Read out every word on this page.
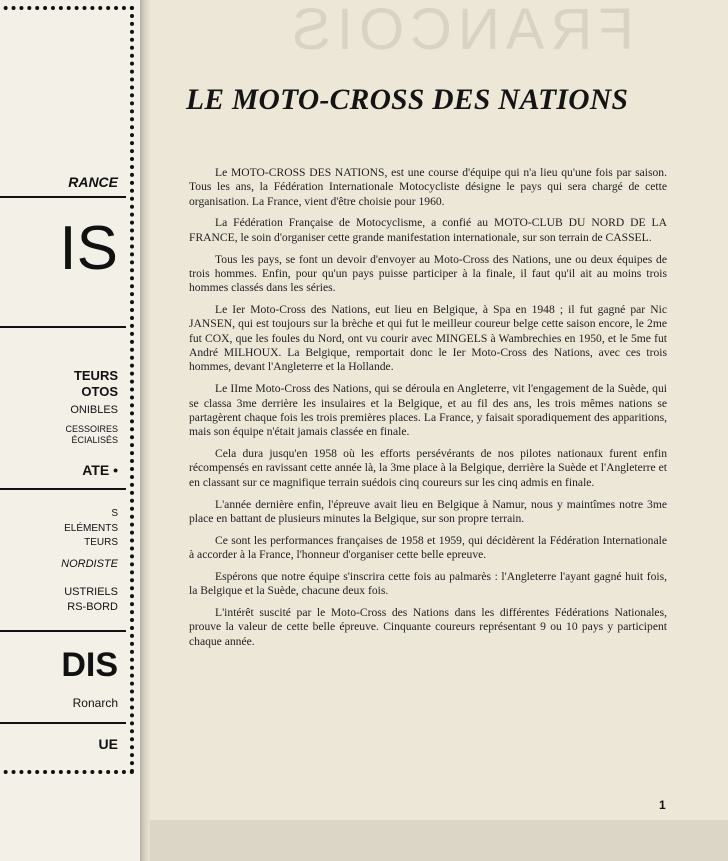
RANCE
IS
TEURS
OTOS
ONIBLES
CESSOIRES
ÉCIALISÉS
ATE •
S
ELÉMENTS
TEURS
NORDISTE
USTRIELS
RS-BORD
DIS
Ronarch
UE
FRANCOIS
LE MOTO-CROSS DES NATIONS

Le MOTO-CROSS DES NATIONS, est une course d'équipe qui n'a lieu qu'une fois par saison. Tous les ans, la Fédération Internationale Motocycliste désigne le pays qui sera chargé de cette organisation. La France, vient d'être choisie pour 1960.

La Fédération Française de Motocyclisme, a confié au MOTO-CLUB DU NORD DE LA FRANCE, le soin d'organiser cette grande manifestation internationale, sur son terrain de CASSEL.

Tous les pays, se font un devoir d'envoyer au Moto-Cross des Nations, une ou deux équipes de trois hommes. Enfin, pour qu'un pays puisse participer à la finale, il faut qu'il ait au moins trois hommes classés dans les séries.

Le Ier Moto-Cross des Nations, eut lieu en Belgique, à Spa en 1948 ; il fut gagné par Nic JANSEN, qui est toujours sur la brèche et qui fut le meilleur coureur belge cette saison encore, le 2me fut COX, que les foules du Nord, ont vu courir avec MINGELS à Wambrechies en 1950, et le 5me fut André MILHOUX. La Belgique, remportait donc le Ier Moto-Cross des Nations, avec ces trois hommes, devant l'Angleterre et la Hollande.

Le IIme Moto-Cross des Nations, qui se déroula en Angleterre, vit l'engagement de la Suède, qui se classa 3me derrière les insulaires et la Belgique, et au fil des ans, les trois mêmes nations se partagèrent chaque fois les trois premières places. La France, y faisait sporadiquement des apparitions, mais son équipe n'était jamais classée en finale.

Cela dura jusqu'en 1958 où les efforts persévérants de nos pilotes nationaux furent enfin récompensés en ravissant cette année là, la 3me place à la Belgique, derrière la Suède et l'Angleterre et en classant sur ce magnifique terrain suédois cinq coureurs sur les cinq admis en finale.

L'année dernière enfin, l'épreuve avait lieu en Belgique à Namur, nous y maintîmes notre 3me place en battant de plusieurs minutes la Belgique, sur son propre terrain.

Ce sont les performances françaises de 1958 et 1959, qui décidèrent la Fédération Internationale à accorder à la France, l'honneur d'organiser cette belle epreuve.

Espérons que notre équipe s'inscrira cette fois au palmarès : l'Angleterre l'ayant gagné huit fois, la Belgique et la Suède, chacune deux fois.

L'intérêt suscité par le Moto-Cross des Nations dans les différentes Fédérations Nationales, prouve la valeur de cette belle épreuve. Cinquante coureurs représentant 9 ou 10 pays y participent chaque année.

1
